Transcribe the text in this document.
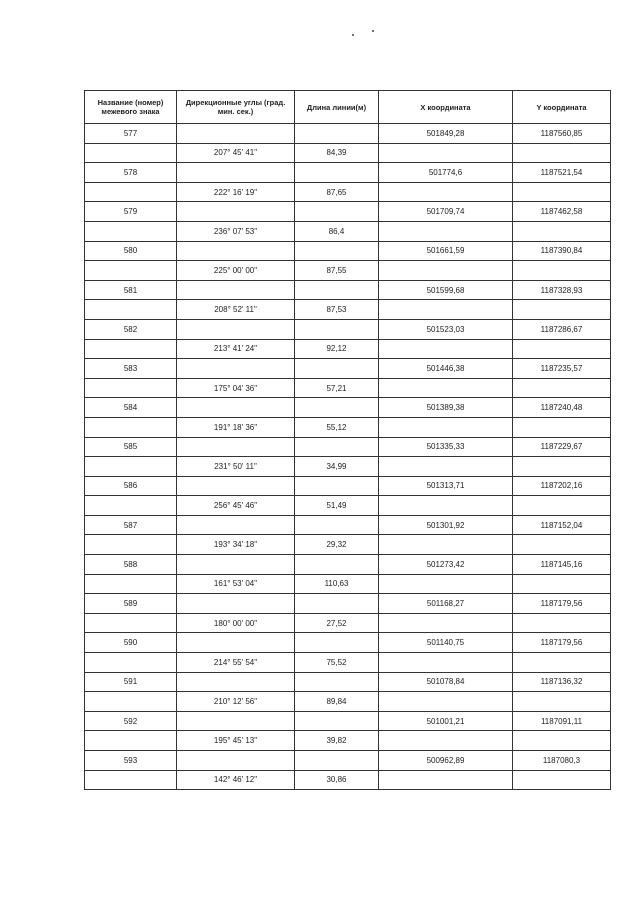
Название (номер) межевого знака	Дирекционные углы (град. мин. сек.)	Длина линии(м)	X координата	Y координата
577			501849,28	1187560,85
	207° 45' 41"	84,39		
578			501774,6	1187521,54
	222° 16' 19"	87,65		
579			501709,74	1187462,58
	236° 07' 53"	86,4		
580			501661,59	1187390,84
	225° 00' 00"	87,55		
581			501599,68	1187328,93
	208° 52' 11"	87,53		
582			501523,03	1187286,67
	213° 41' 24"	92,12		
583			501446,38	1187235,57
	175° 04' 36"	57,21		
584			501389,38	1187240,48
	191° 18' 36"	55,12		
585			501335,33	1187229,67
	231° 50' 11"	34,99		
586			501313,71	1187202,16
	256° 45' 46"	51,49		
587			501301,92	1187152,04
	193° 34' 18"	29,32		
588			501273,42	1187145,16
	161° 53' 04"	110,63		
589			501168,27	1187179,56
	180° 00' 00"	27,52		
590			501140,75	1187179,56
	214° 55' 54"	75,52		
591			501078,84	1187136,32
	210° 12' 56"	89,84		
592			501001,21	1187091,11
	195° 45' 13"	39,82		
593			500962,89	1187080,3
	142° 46' 12"	30,86		
